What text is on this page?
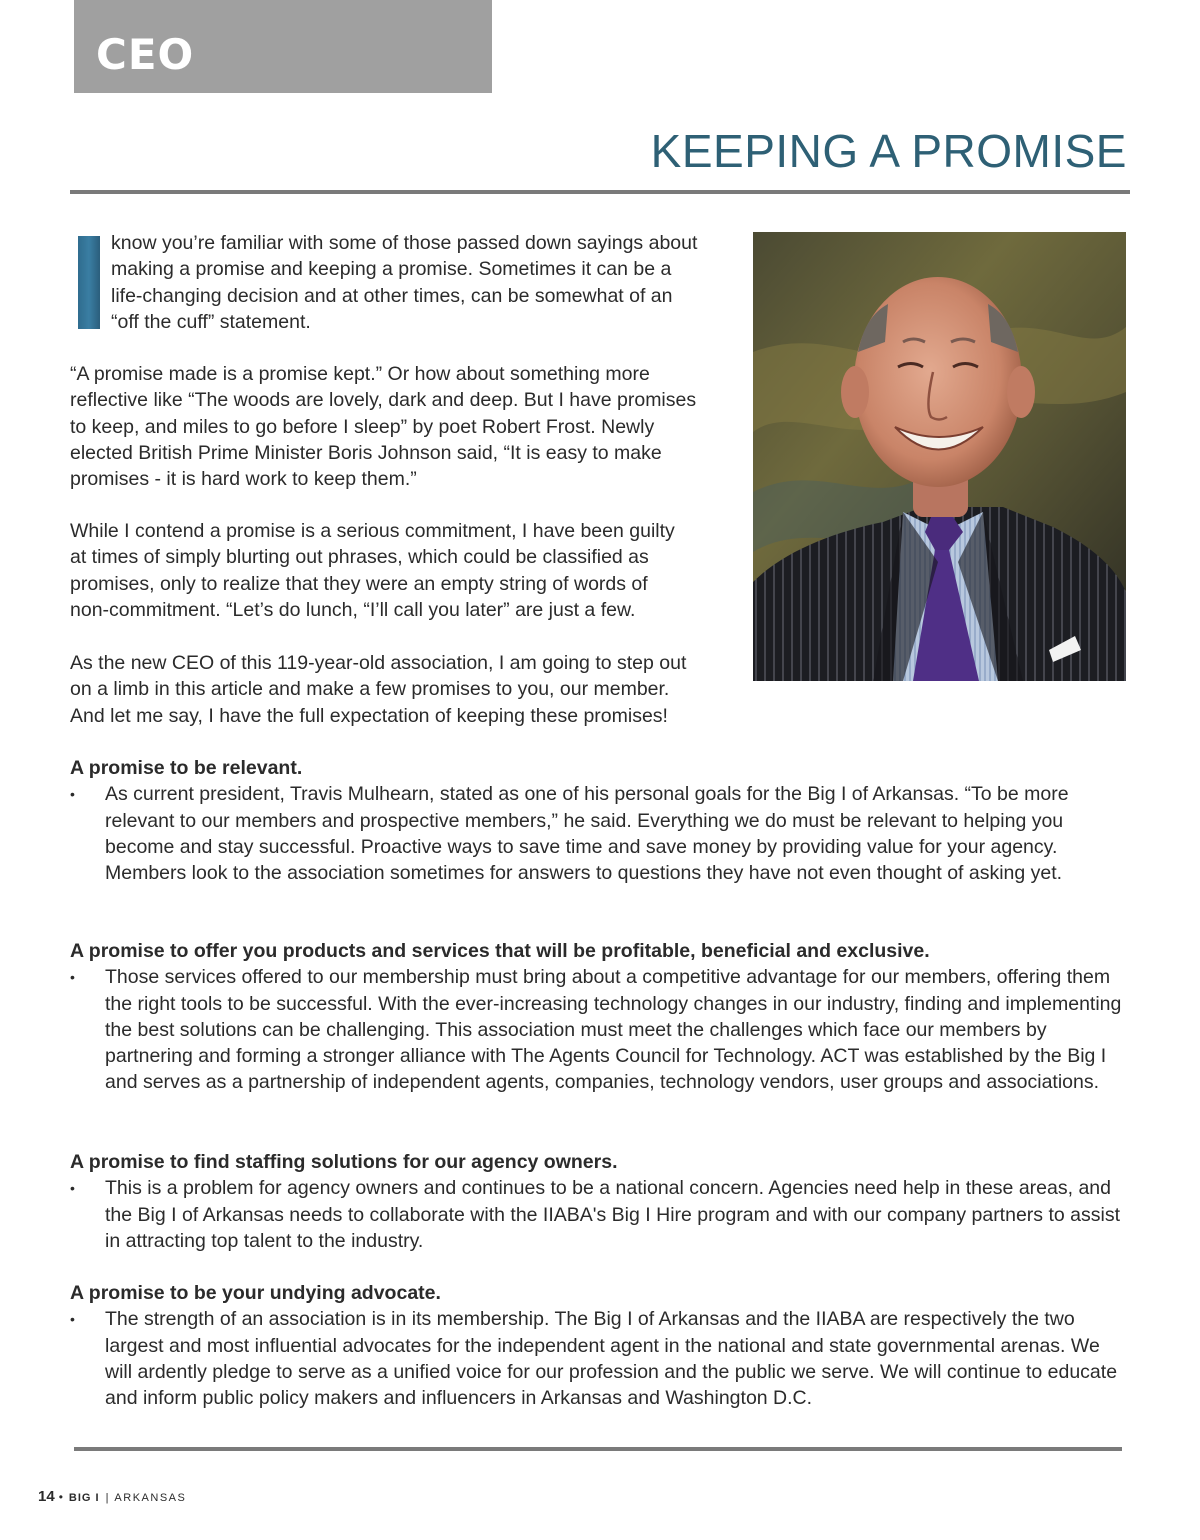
CEO
KEEPING A PROMISE
know you’re familiar with some of those passed down sayings about
making a promise and keeping a promise. Sometimes it can be a
life-changing decision and at other times, can be somewhat of an
“off the cuff” statement.
“A promise made is a promise kept.” Or how about something more
reflective like “The woods are lovely, dark and deep. But I have promises
to keep, and miles to go before I sleep” by poet Robert Frost. Newly
elected British Prime Minister Boris Johnson said, “It is easy to make
promises - it is hard work to keep them.”
While I contend a promise is a serious commitment, I have been guilty
at times of simply blurting out phrases, which could be classified as
promises, only to realize that they were an empty string of words of
non-commitment. “Let’s do lunch, “I’ll call you later” are just a few.
As the new CEO of this 119-year-old association, I am going to step out
on a limb in this article and make a few promises to you, our member.
And let me say, I have the full expectation of keeping these promises!
A promise to be relevant.

• As current president, Travis Mulhearn, stated as one of his personal goals for the Big I of Arkansas. “To be more relevant to our members and prospective members,” he said. Everything we do must be relevant to helping you become and stay successful. Proactive ways to save time and save money by providing value for your agency. Members look to the association sometimes for answers to questions they have not even thought of asking yet.

A promise to offer you products and services that will be profitable, beneficial and exclusive.

• Those services offered to our membership must bring about a competitive advantage for our members, offering them the right tools to be successful. With the ever-increasing technology changes in our industry, finding and implementing the best solutions can be challenging. This association must meet the challenges which face our members by partnering and forming a stronger alliance with The Agents Council for Technology. ACT was established by the Big I and serves as a partnership of independent agents, companies, technology vendors, user groups and associations.

A promise to find staffing solutions for our agency owners.

• This is a problem for agency owners and continues to be a national concern. Agencies need help in these areas, and the Big I of Arkansas needs to collaborate with the IIABA's Big I Hire program and with our company partners to assist in attracting top talent to the industry.

A promise to be your undying advocate.

• The strength of an association is in its membership. The Big I of Arkansas and the IIABA are respectively the two largest and most influential advocates for the independent agent in the national and state governmental arenas. We will ardently pledge to serve as a unified voice for our profession and the public we serve. We will continue to educate and inform public policy makers and influencers in Arkansas and Washington D.C.

14 • BIG I | ARKANSAS
